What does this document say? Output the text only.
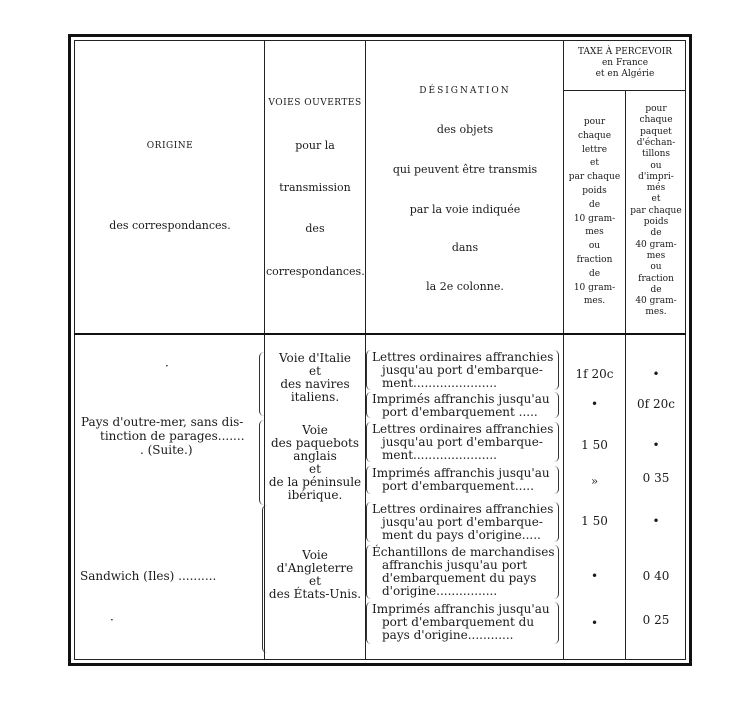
ORIGINE
des correspondances.
VOIES OUVERTES
pour la
transmission
des
correspondances.
DÉSIGNATION
des objets
qui peuvent être transmis
par la voie indiquée
dans
la 2e colonne.
TAXE À PERCEVOIR
en France
et en Algérie
pour
chaque
lettre
et
par chaque
poids
de
10 gram-
mes
ou
fraction
de
10 gram-
mes.
pour
chaque
paquet
d'échan-
tillons
ou
d'impri-
més
et
par chaque
poids
de
40 gram-
mes
ou
fraction
de
40 gram-
mes.
·
Pays d'outre-mer, sans dis-
tinction de parages.......
. (Suite.)
Sandwich (Iles) ..........
·
Voie d'Italie
et
des navires
italiens.
Voie
des paquebots
anglais
et
de la péninsule
ibérique.
Voie
d'Angleterre
et
des États-Unis.
Lettres ordinaires affranchies
jusqu'au port d'embarque-
ment......................
Imprimés affranchis jusqu'au
port d'embarquement .....
Lettres ordinaires affranchies
jusqu'au port d'embarque-
ment......................
Imprimés affranchis jusqu'au
port d'embarquement.....
Lettres ordinaires affranchies
jusqu'au port d'embarque-
ment du pays d'origine.....
Échantillons de marchandises
affranchis jusqu'au port
d'embarquement du pays
d'origine................
Imprimés affranchis jusqu'au
port d'embarquement du
pays d'origine............
1f 20c
•
1 50
»
1 50
•
•
•
0f 20c
•
0 35
•
0 40
0 25
